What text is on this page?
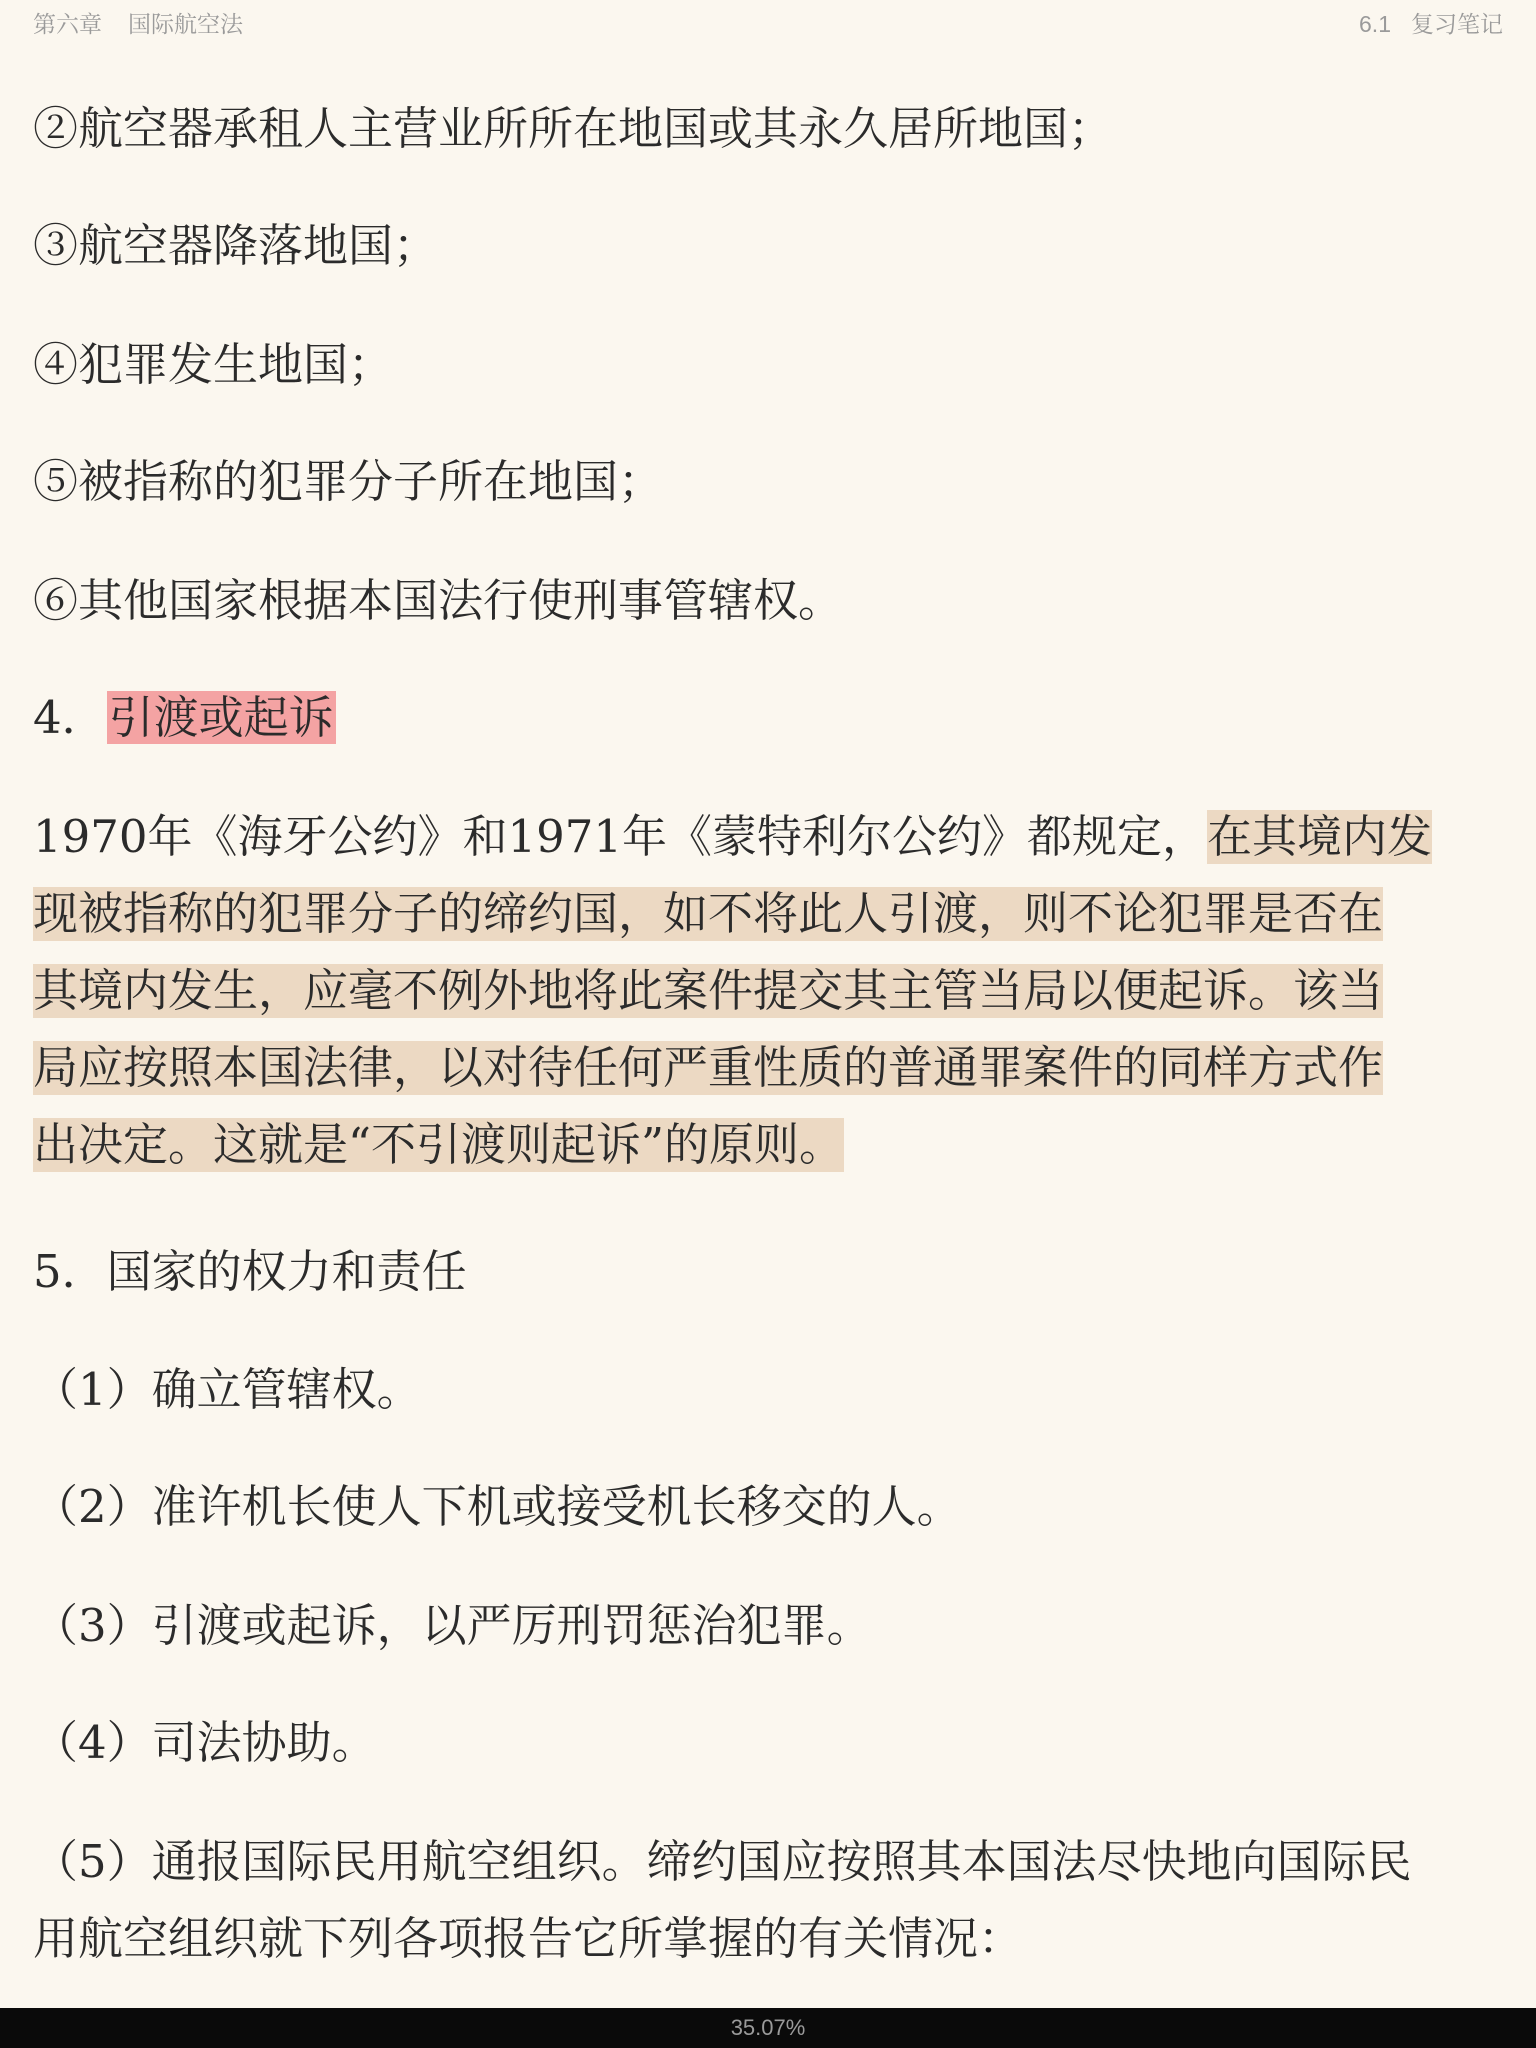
第六章 国际航空法	6.1 复习笔记
②航空器承租人主营业所所在地国或其永久居所地国；
③航空器降落地国；
④犯罪发生地国；
⑤被指称的犯罪分子所在地国；
⑥其他国家根据本国法行使刑事管辖权。
4．引渡或起诉
1970年《海牙公约》和1971年《蒙特利尔公约》都规定，在其境内发
现被指称的犯罪分子的缔约国，如不将此人引渡，则不论犯罪是否在
其境内发生，应毫不例外地将此案件提交其主管当局以便起诉。该当
局应按照本国法律，以对待任何严重性质的普通罪案件的同样方式作
出决定。这就是“不引渡则起诉”的原则。
5．国家的权力和责任
（1）确立管辖权。
（2）准许机长使人下机或接受机长移交的人。
（3）引渡或起诉，以严厉刑罚惩治犯罪。
（4）司法协助。
（5）通报国际民用航空组织。缔约国应按照其本国法尽快地向国际民
用航空组织就下列各项报告它所掌握的有关情况：
35.07%
